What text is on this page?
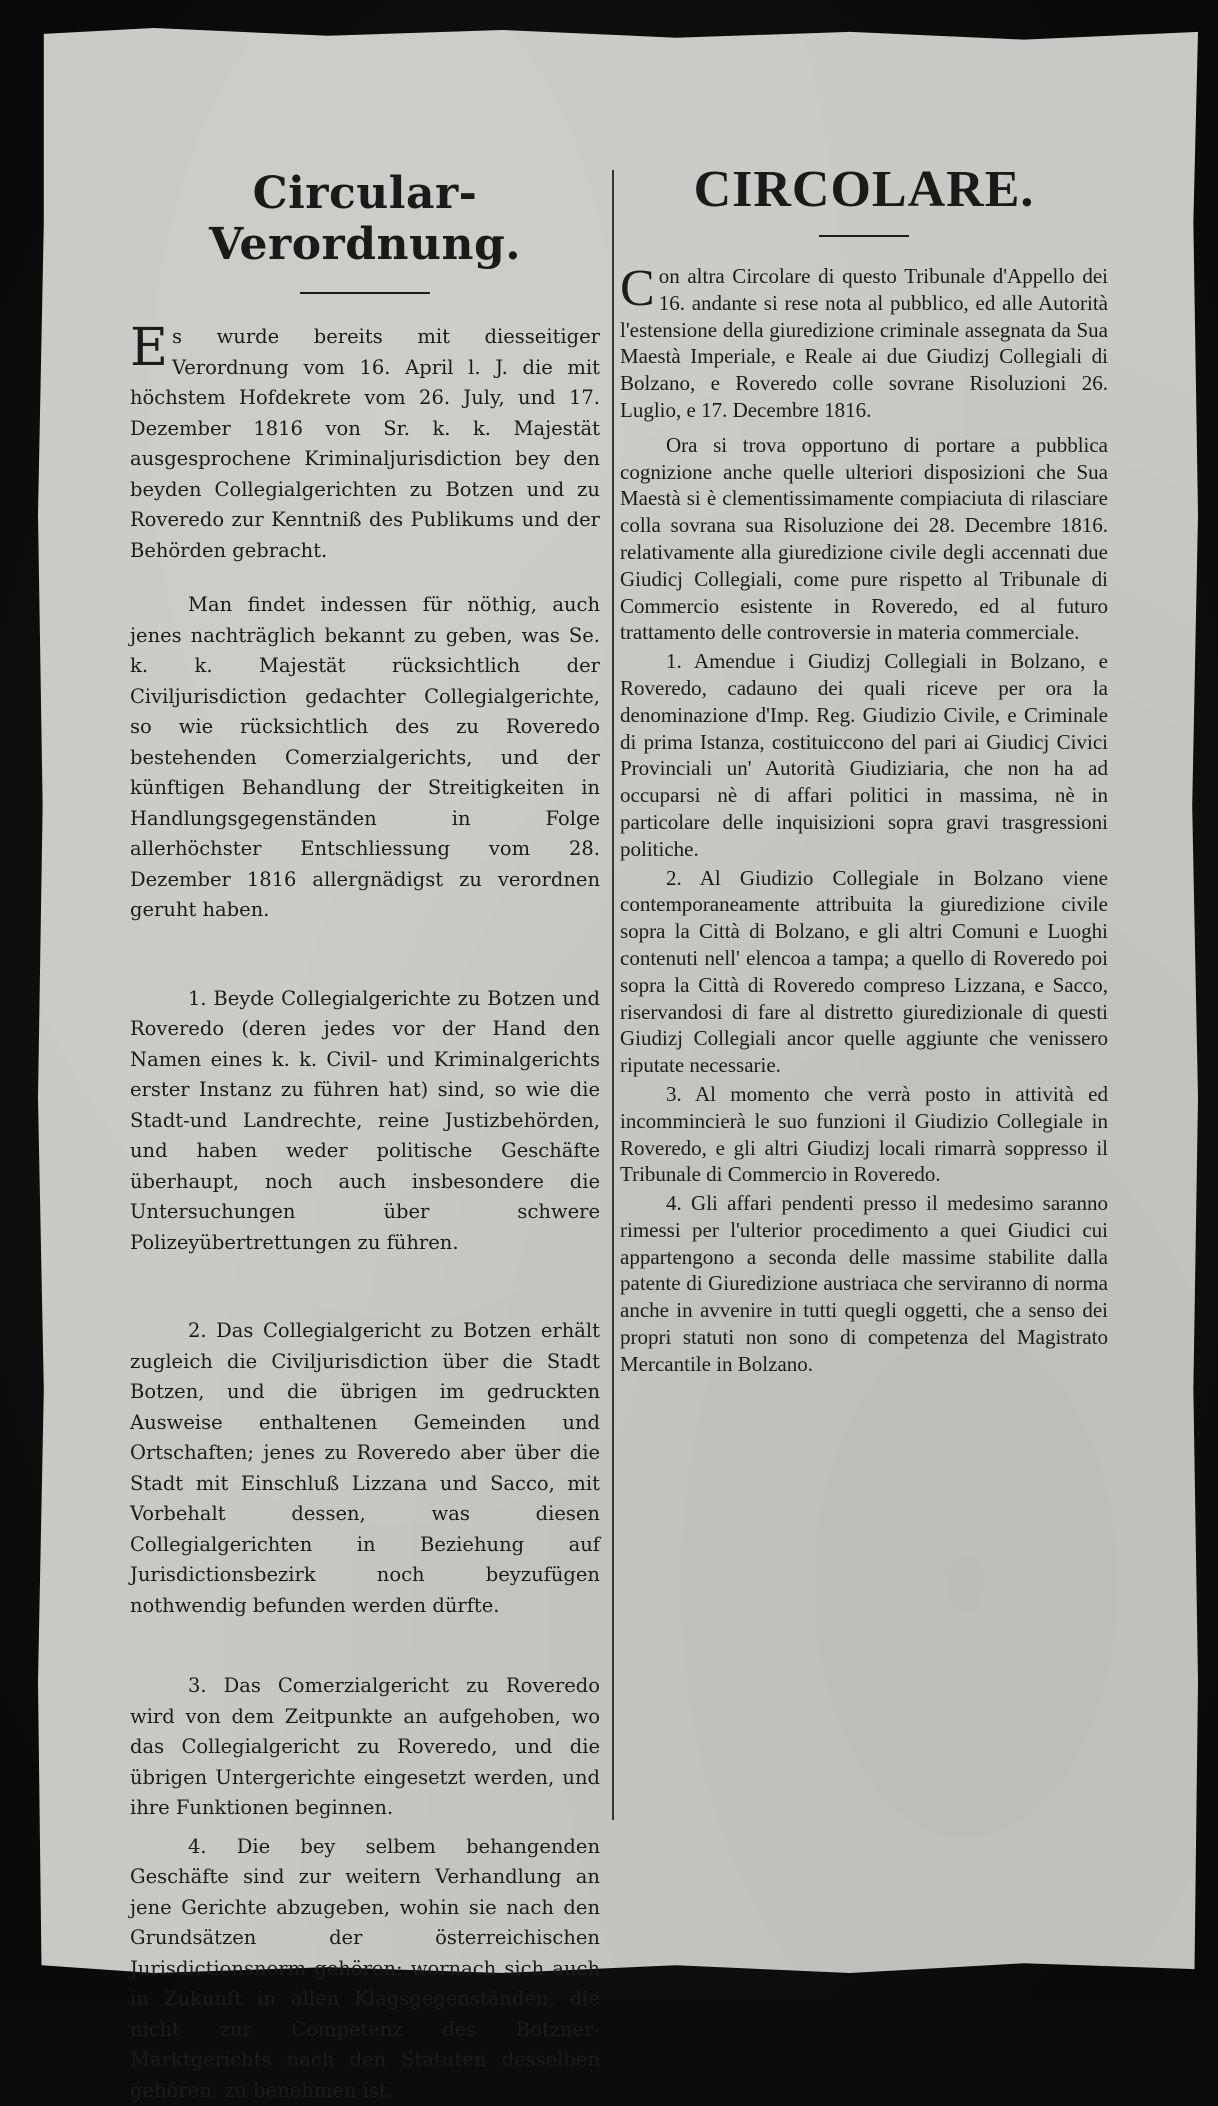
Circular-Verordnung.

Es wurde bereits mit diesseitiger Verordnung vom 16. April l. J. die mit höchstem Hofdekrete vom 26. July, und 17. Dezember 1816 von Sr. k. k. Majestät ausgesprochene Kriminaljurisdiction bey den beyden Collegialgerichten zu Botzen und zu Roveredo zur Kenntniß des Publikums und der Behörden gebracht.

Man findet indessen für nöthig, auch jenes nachträglich bekannt zu geben, was Se. k. k. Majestät rücksichtlich der Civiljurisdiction gedachter Collegialgerichte, so wie rücksichtlich des zu Roveredo bestehenden Comerzialgerichts, und der künftigen Behandlung der Streitigkeiten in Handlungsgegenständen in Folge allerhöchster Entschliessung vom 28. Dezember 1816 allergnädigst zu verordnen geruht haben.

1. Beyde Collegialgerichte zu Botzen und Roveredo (deren jedes vor der Hand den Namen eines k. k. Civil- und Kriminalgerichts erster Instanz zu führen hat) sind, so wie die Stadt-und Landrechte, reine Justizbehörden, und haben weder politische Geschäfte überhaupt, noch auch insbesondere die Untersuchungen über schwere Polizeyübertrettungen zu führen.

2. Das Collegialgericht zu Botzen erhält zugleich die Civiljurisdiction über die Stadt Botzen, und die übrigen im gedruckten Ausweise enthaltenen Gemeinden und Ortschaften; jenes zu Roveredo aber über die Stadt mit Einschluß Lizzana und Sacco, mit Vorbehalt dessen, was diesen Collegialgerichten in Beziehung auf Jurisdictionsbezirk noch beyzufügen nothwendig befunden werden dürfte.

3. Das Comerzialgericht zu Roveredo wird von dem Zeitpunkte an aufgehoben, wo das Collegialgericht zu Roveredo, und die übrigen Untergerichte eingesetzt werden, und ihre Funktionen beginnen.

4. Die bey selbem behangenden Geschäfte sind zur weitern Verhandlung an jene Gerichte abzugeben, wohin sie nach den Grundsätzen der österreichischen Jurisdictionsnorm gehören: wornach sich auch in Zukunft in allen Klagsgegenständen, die nicht zur Competenz des Botzner-Marktgerichts nach den Statuten desselben gehören, zu benehmen ist.

CIRCOLARE.

Con altra Circolare di questo Tribunale d'Appello dei 16. andante si rese nota al pubblico, ed alle Autorità l'estensione della giuredizione criminale assegnata da Sua Maestà Imperiale, e Reale ai due Giudizj Collegiali di Bolzano, e Roveredo colle sovrane Risoluzioni 26. Luglio, e 17. Decembre 1816.

Ora si trova opportuno di portare a pubblica cognizione anche quelle ulteriori disposizioni che Sua Maestà si è clementissimamente compiaciuta di rilasciare colla sovrana sua Risoluzione dei 28. Decembre 1816. relativamente alla giuredizione civile degli accennati due Giudicj Collegiali, come pure rispetto al Tribunale di Commercio esistente in Roveredo, ed al futuro trattamento delle controversie in materia commerciale.

1. Amendue i Giudizj Collegiali in Bolzano, e Roveredo, cadauno dei quali riceve per ora la denominazione d'Imp. Reg. Giudizio Civile, e Criminale di prima Istanza, costituiccono del pari ai Giudicj Civici Provinciali un' Autorità Giudiziaria, che non ha ad occuparsi nè di affari politici in massima, nè in particolare delle inquisizioni sopra gravi trasgressioni politiche.

2. Al Giudizio Collegiale in Bolzano viene contemporaneamente attribuita la giuredizione civile sopra la Città di Bolzano, e gli altri Comuni e Luoghi contenuti nell' elencoa a tampa; a quello di Roveredo poi sopra la Città di Roveredo compreso Lizzana, e Sacco, riservandosi di fare al distretto giuredizionale di questi Giudizj Collegiali ancor quelle aggiunte che venissero riputate necessarie.

3. Al momento che verrà posto in attività ed incommincierà le suo funzioni il Giudizio Collegiale in Roveredo, e gli altri Giudizj locali rimarrà soppresso il Tribunale di Commercio in Roveredo.

4. Gli affari pendenti presso il medesimo saranno rimessi per l'ulterior procedimento a quei Giudici cui appartengono a seconda delle massime stabilite dalla patente di Giuredizione austriaca che serviranno di norma anche in avvenire in tutti quegli oggetti, che a senso dei propri statuti non sono di competenza del Magistrato Mercantile in Bolzano.
